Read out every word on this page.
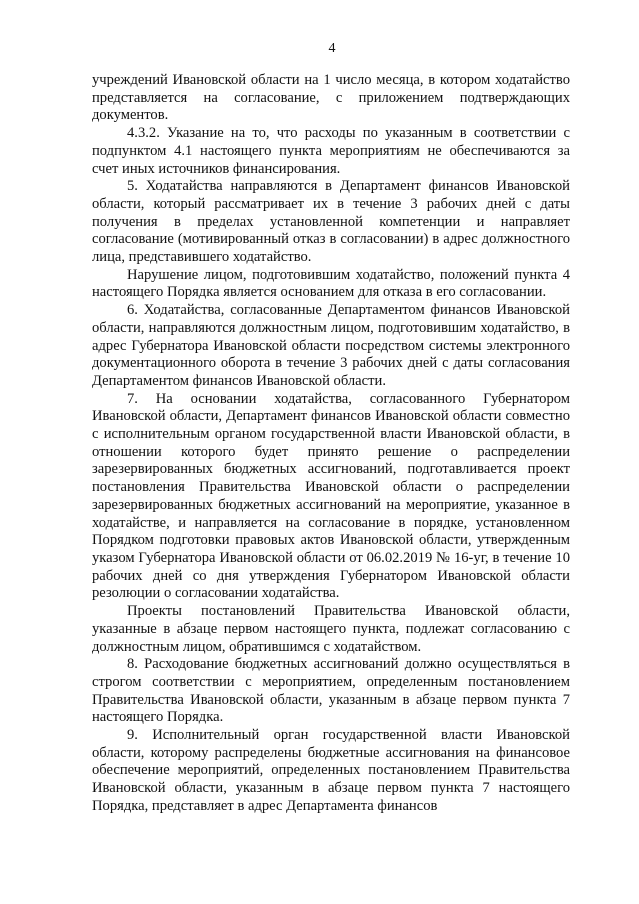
4

учреждений Ивановской области на 1 число месяца, в котором ходатайство представляется на согласование, с приложением подтверждающих документов.

4.3.2. Указание на то, что расходы по указанным в соответствии с подпунктом 4.1 настоящего пункта мероприятиям не обеспечиваются за счет иных источников финансирования.

5. Ходатайства направляются в Департамент финансов Ивановской области, который рассматривает их в течение 3 рабочих дней с даты получения в пределах установленной компетенции и направляет согласование (мотивированный отказ в согласовании) в адрес должностного лица, представившего ходатайство.

Нарушение лицом, подготовившим ходатайство, положений пункта 4 настоящего Порядка является основанием для отказа в его согласовании.

6. Ходатайства, согласованные Департаментом финансов Ивановской области, направляются должностным лицом, подготовившим ходатайство, в адрес Губернатора Ивановской области посредством системы электронного документационного оборота в течение 3 рабочих дней с даты согласования Департаментом финансов Ивановской области.

7. На основании ходатайства, согласованного Губернатором Ивановской области, Департамент финансов Ивановской области совместно с исполнительным органом государственной власти Ивановской области, в отношении которого будет принято решение о распределении зарезервированных бюджетных ассигнований, подготавливается проект постановления Правительства Ивановской области о распределении зарезервированных бюджетных ассигнований на мероприятие, указанное в ходатайстве, и направляется на согласование в порядке, установленном Порядком подготовки правовых актов Ивановской области, утвержденным указом Губернатора Ивановской области от 06.02.2019 № 16-уг, в течение 10 рабочих дней со дня утверждения Губернатором Ивановской области резолюции о согласовании ходатайства.

Проекты постановлений Правительства Ивановской области, указанные в абзаце первом настоящего пункта, подлежат согласованию с должностным лицом, обратившимся с ходатайством.

8. Расходование бюджетных ассигнований должно осуществляться в строгом соответствии с мероприятием, определенным постановлением Правительства Ивановской области, указанным в абзаце первом пункта 7 настоящего Порядка.

9. Исполнительный орган государственной власти Ивановской области, которому распределены бюджетные ассигнования на финансовое обеспечение мероприятий, определенных постановлением Правительства Ивановской области, указанным в абзаце первом пункта 7 настоящего Порядка, представляет в адрес Департамента финансов
